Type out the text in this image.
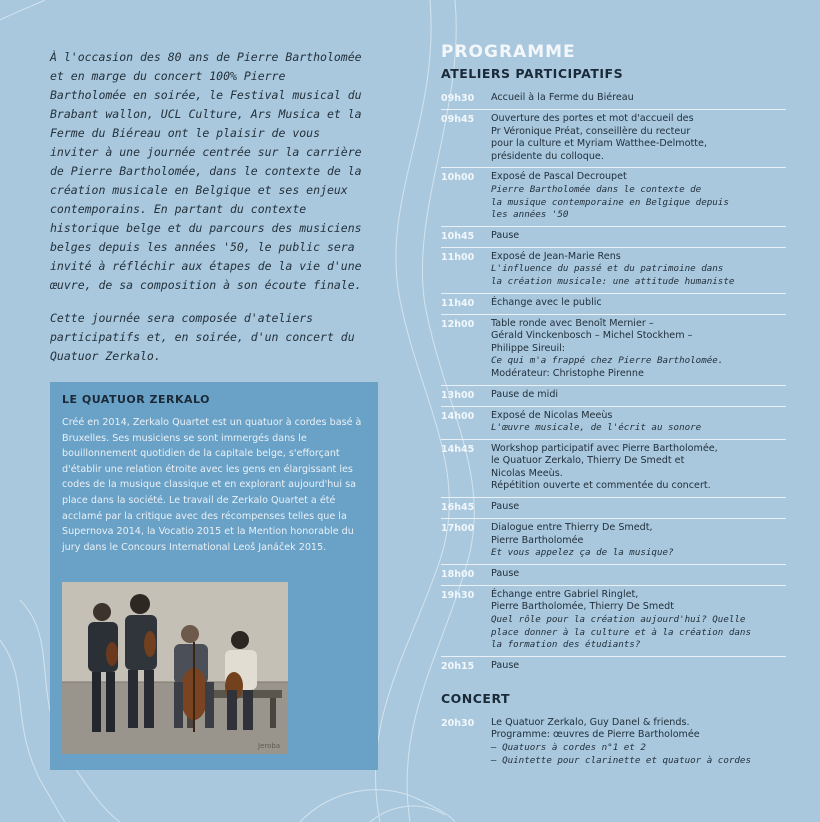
À l'occasion des 80 ans de Pierre Bartholomée et en marge du concert 100% Pierre Bartholomée en soirée, le Festival musical du Brabant wallon, UCL Culture, Ars Musica et la Ferme du Biéreau ont le plaisir de vous inviter à une journée centrée sur la carrière de Pierre Bartholomée, dans le contexte de la création musicale en Belgique et ses enjeux contemporains. En partant du contexte historique belge et du parcours des musiciens belges depuis les années '50, le public sera invité à réfléchir aux étapes de la vie d'une œuvre, de sa composition à son écoute finale.

Cette journée sera composée d'ateliers participatifs et, en soirée, d'un concert du Quatuor Zerkalo.

LE QUATUOR ZERKALO

Créé en 2014, Zerkalo Quartet est un quatuor à cordes basé à Bruxelles. Ses musiciens se sont immergés dans le bouillonnement quotidien de la capitale belge, s'efforçant d'établir une relation étroite avec les gens en élargissant les codes de la musique classique et en explorant aujourd'hui sa place dans la société. Le travail de Zerkalo Quartet a été acclamé par la critique avec des récompenses telles que la Supernova 2014, la Vocatio 2015 et la Mention honorable du jury dans le Concours International Leoš Janáček 2015.

Jeroba
PROGRAMME
ATELIERS PARTICIPATIFS
09h30	Accueil à la Ferme du Biéreau
09h45	Ouverture des portes et mot d'accueil des
Pr Véronique Préat, conseillère du recteur
pour la culture et Myriam Watthee-Delmotte,
présidente du colloque.
10h00	Exposé de Pascal Decroupet
Pierre Bartholomée dans le contexte de
la musique contemporaine en Belgique depuis
les années '50
10h45	Pause
11h00	Exposé de Jean-Marie Rens
L'influence du passé et du patrimoine dans
la création musicale: une attitude humaniste
11h40	Échange avec le public
12h00	Table ronde avec Benoît Mernier –
Gérald Vinckenbosch – Michel Stockhem –
Philippe Sireuil:
Ce qui m'a frappé chez Pierre Bartholomée.
Modérateur: Christophe Pirenne
13h00	Pause de midi
14h00	Exposé de Nicolas Meeùs
L'œuvre musicale, de l'écrit au sonore
14h45	Workshop participatif avec Pierre Bartholomée,
le Quatuor Zerkalo, Thierry De Smedt et
Nicolas Meeùs.
Répétition ouverte et commentée du concert.
16h45	Pause
17h00	Dialogue entre Thierry De Smedt,
Pierre Bartholomée
Et vous appelez ça de la musique?
18h00	Pause
19h30	Échange entre Gabriel Ringlet,
Pierre Bartholomée, Thierry De Smedt
Quel rôle pour la création aujourd'hui? Quelle
place donner à la culture et à la création dans
la formation des étudiants?
20h15	Pause
CONCERT
20h30	Le Quatuor Zerkalo, Guy Danel & friends.
Programme: œuvres de Pierre Bartholomée
– Quatuors à cordes n°1 et 2
– Quintette pour clarinette et quatuor à cordes
